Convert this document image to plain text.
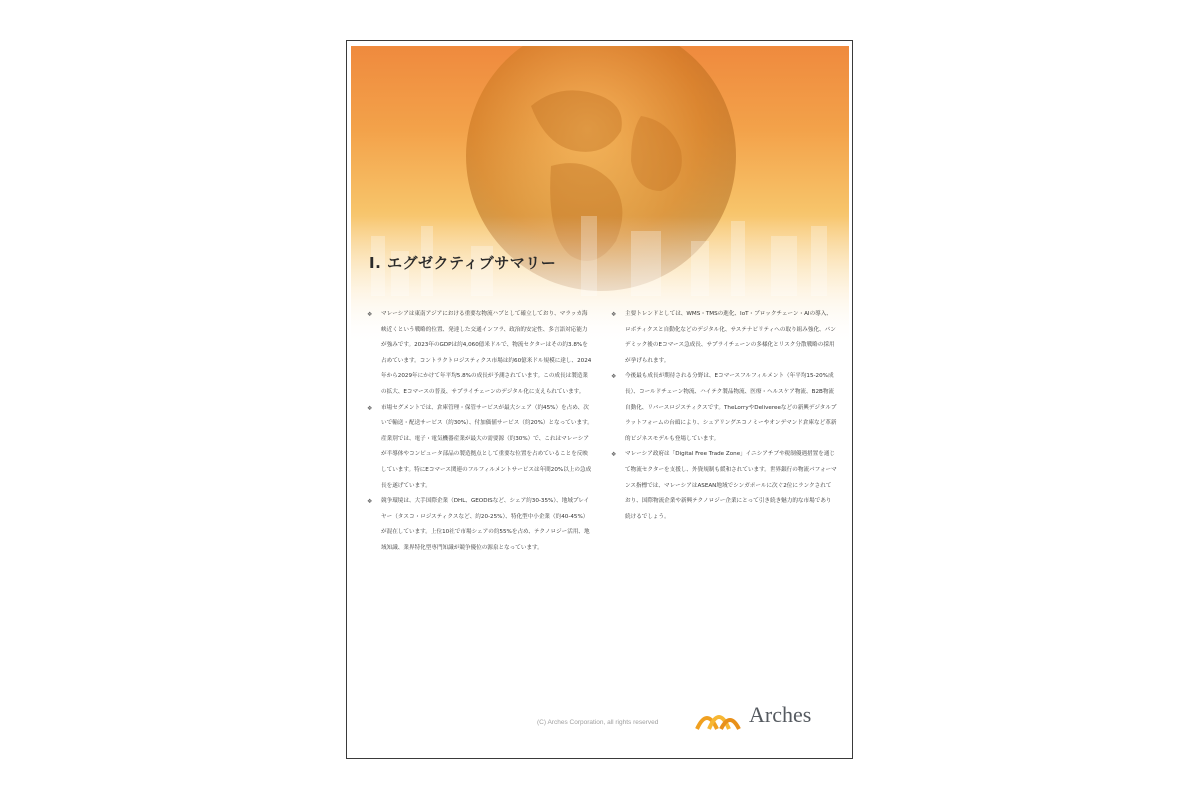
I. エグゼクティブサマリー

❖ マレーシアは東南アジアにおける重要な物流ハブとして確立しており、マラッカ海峡近くという戦略的位置、発達した交通インフラ、政治的安定性、多言語対応能力が強みです。2023年のGDPは約4,060億米ドルで、物流セクターはその約3.8%を占めています。コントラクトロジスティクス市場は約60億米ドル規模に達し、2024年から2029年にかけて年平均5.8%の成長が予測されています。この成長は製造業の拡大、Eコマースの普及、サプライチェーンのデジタル化に支えられています。

❖ 市場セグメントでは、倉庫管理・保管サービスが最大シェア（約45%）を占め、次いで輸送・配送サービス（約30%）、付加価値サービス（約20%）となっています。産業別では、電子・電気機器産業が最大の需要源（約30%）で、これはマレーシアが半導体やコンピュータ部品の製造拠点として重要な位置を占めていることを反映しています。特にEコマース関連のフルフィルメントサービスは年間20%以上の急成長を遂げています。

❖ 競争環境は、大手国際企業（DHL、GEODISなど、シェア約30-35%）、地域プレイヤー（タスコ・ロジスティクスなど、約20-25%）、特化型中小企業（約40-45%）が混在しています。上位10社で市場シェアの約55%を占め、テクノロジー活用、地域知識、業界特化型専門知識が競争優位の源泉となっています。

❖ 主要トレンドとしては、WMS・TMSの進化、IoT・ブロックチェーン・AIの導入、ロボティクスと自動化などのデジタル化、サステナビリティへの取り組み強化、パンデミック後のEコマース急成長、サプライチェーンの多様化とリスク分散戦略の採用が挙げられます。

❖ 今後最も成長が期待される分野は、Eコマースフルフィルメント（年平均15-20%成長）、コールドチェーン物流、ハイテク製品物流、医療・ヘルスケア物流、B2B物流自動化、リバースロジスティクスです。TheLorryやDelivereeなどの新興デジタルプラットフォームの台頭により、シェアリングエコノミーやオンデマンド倉庫など革新的ビジネスモデルも登場しています。

❖ マレーシア政府は「Digital Free Trade Zone」イニシアチブや税制優遇措置を通じて物流セクターを支援し、外資規制も緩和されています。世界銀行の物流パフォーマンス指標では、マレーシアはASEAN地域でシンガポールに次ぐ2位にランクされており、国際物流企業や新興テクノロジー企業にとって引き続き魅力的な市場であり続けるでしょう。

(C) Arches Corporation, all rights reserved	Arches
